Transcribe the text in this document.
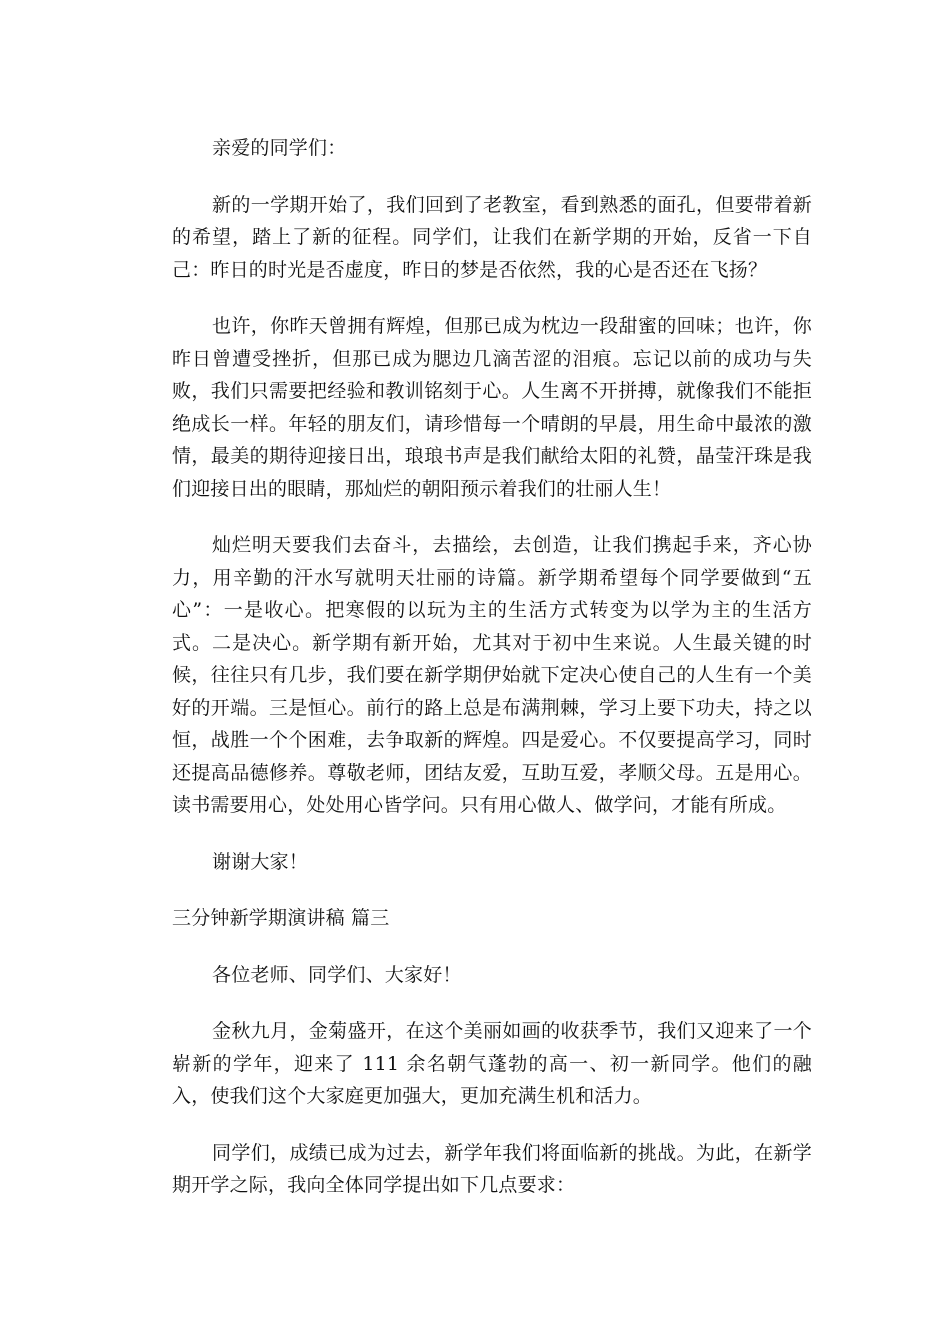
亲爱的同学们：

新的一学期开始了，我们回到了老教室，看到熟悉的面孔，但要带着新的希望，踏上了新的征程。同学们，让我们在新学期的开始，反省一下自己：昨日的时光是否虚度，昨日的梦是否依然，我的心是否还在飞扬？

也许，你昨天曾拥有辉煌，但那已成为枕边一段甜蜜的回味；也许，你昨日曾遭受挫折，但那已成为腮边几滴苦涩的泪痕。忘记以前的成功与失败，我们只需要把经验和教训铭刻于心。人生离不开拼搏，就像我们不能拒绝成长一样。年轻的朋友们，请珍惜每一个晴朗的早晨，用生命中最浓的激情，最美的期待迎接日出，琅琅书声是我们献给太阳的礼赞，晶莹汗珠是我们迎接日出的眼睛，那灿烂的朝阳预示着我们的壮丽人生！

灿烂明天要我们去奋斗，去描绘，去创造，让我们携起手来，齐心协力，用辛勤的汗水写就明天壮丽的诗篇。新学期希望每个同学要做到“五心”：一是收心。把寒假的以玩为主的生活方式转变为以学为主的生活方式。二是决心。新学期有新开始，尤其对于初中生来说。人生最关键的时候，往往只有几步，我们要在新学期伊始就下定决心使自己的人生有一个美好的开端。三是恒心。前行的路上总是布满荆棘，学习上要下功夫，持之以恒，战胜一个个困难，去争取新的辉煌。四是爱心。不仅要提高学习，同时还提高品德修养。尊敬老师，团结友爱，互助互爱，孝顺父母。五是用心。读书需要用心，处处用心皆学问。只有用心做人、做学问，才能有所成。

谢谢大家！

三分钟新学期演讲稿 篇三

各位老师、同学们、大家好！

金秋九月，金菊盛开，在这个美丽如画的收获季节，我们又迎来了一个崭新的学年，迎来了 111 余名朝气蓬勃的高一、初一新同学。他们的融入，使我们这个大家庭更加强大，更加充满生机和活力。

同学们，成绩已成为过去，新学年我们将面临新的挑战。为此，在新学期开学之际，我向全体同学提出如下几点要求：
